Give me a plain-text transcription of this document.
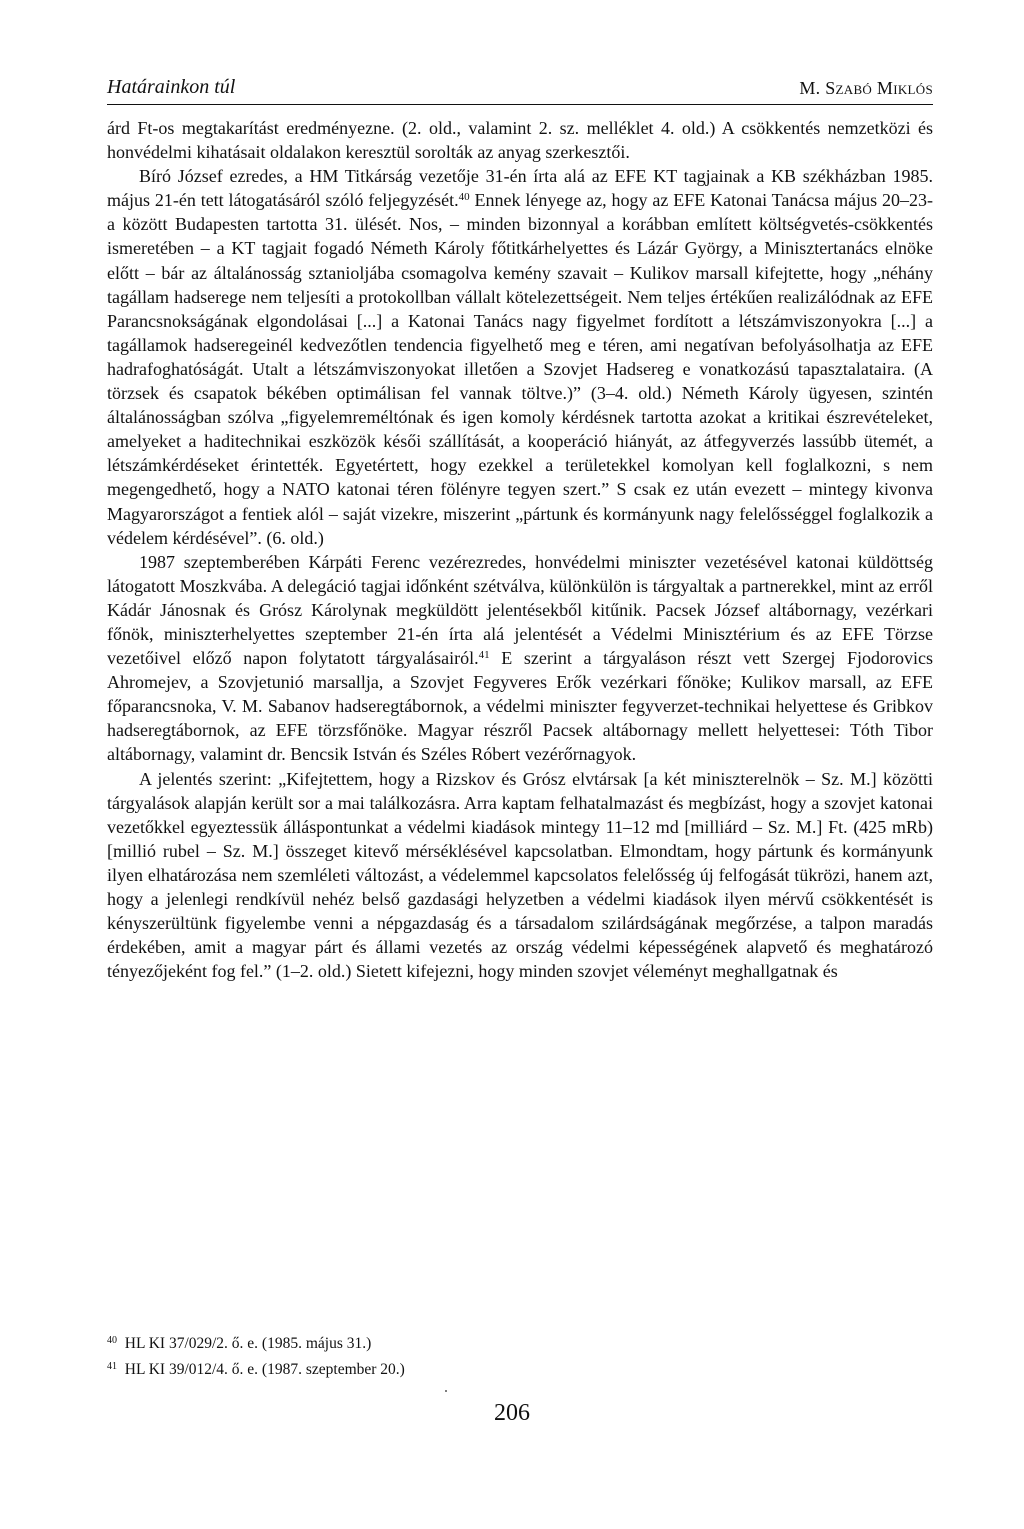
Határainkon túl	M. Szabó Miklós

árd Ft-os megtakarítást eredményezne. (2. old., valamint 2. sz. melléklet 4. old.) A csökkentés nemzetközi és honvédelmi kihatásait oldalakon keresztül sorolták az anyag szerkesztői.

Bíró József ezredes, a HM Titkárság vezetője 31-én írta alá az EFE KT tagjainak a KB székházban 1985. május 21-én tett látogatásáról szóló feljegyzését.$^{40}$ Ennek lényege az, hogy az EFE Katonai Tanácsa május 20–23-a között Budapesten tartotta 31. ülését. Nos, – minden bizonnyal a korábban említett költségvetés-csökkentés ismeretében – a KT tagjait fogadó Németh Károly főtitkárhelyettes és Lázár György, a Minisztertanács elnöke előtt – bár az általánosság sztanioljába csomagolva kemény szavait – Kulikov marsall kifejtette, hogy „néhány tagállam hadserege nem teljesíti a protokollban vállalt kötelezettségeit. Nem teljes értékűen realizálódnak az EFE Parancsnokságának elgondolásai [...] a Katonai Tanács nagy figyelmet fordított a létszámviszonyokra [...] a tagállamok hadseregeinél kedvezőtlen tendencia figyelhető meg e téren, ami negatívan befolyásolhatja az EFE hadrafoghatóságát. Utalt a létszámviszonyokat illetően a Szovjet Hadsereg e vonatkozású tapasztalataira. (A törzsek és csapatok békében optimálisan fel vannak töltve.)” (3–4. old.) Németh Károly ügyesen, szintén általánosságban szólva „figyelemreméltónak és igen komoly kérdésnek tartotta azokat a kritikai észrevételeket, amelyeket a haditechnikai eszközök késői szállítását, a kooperáció hiányát, az átfegyverzés lassúbb ütemét, a létszámkérdéseket érintették. Egyetértett, hogy ezekkel a területekkel komolyan kell foglalkozni, s nem megengedhető, hogy a NATO katonai téren fölényre tegyen szert.” S csak ez után evezett – mintegy kivonva Magyarországot a fentiek alól – saját vizekre, miszerint „pártunk és kormányunk nagy felelősséggel foglalkozik a védelem kérdésével”. (6. old.)

1987 szeptemberében Kárpáti Ferenc vezérezredes, honvédelmi miniszter vezetésével katonai küldöttség látogatott Moszkvába. A delegáció tagjai időnként szétválva, különkülön is tárgyaltak a partnerekkel, mint az erről Kádár Jánosnak és Grósz Károlynak megküldött jelentésekből kitűnik. Pacsek József altábornagy, vezérkari főnök, miniszterhelyettes szeptember 21-én írta alá jelentését a Védelmi Minisztérium és az EFE Törzse vezetőivel előző napon folytatott tárgyalásairól.$^{41}$ E szerint a tárgyaláson részt vett Szergej Fjodorovics Ahromejev, a Szovjetunió marsallja, a Szovjet Fegyveres Erők vezérkari főnöke; Kulikov marsall, az EFE főparancsnoka, V. M. Sabanov hadseregtábornok, a védelmi miniszter fegyverzet-technikai helyettese és Gribkov hadseregtábornok, az EFE törzsfőnöke. Magyar részről Pacsek altábornagy mellett helyettesei: Tóth Tibor altábornagy, valamint dr. Bencsik István és Széles Róbert vezérőrnagyok.

A jelentés szerint: „Kifejtettem, hogy a Rizskov és Grósz elvtársak [a két miniszterelnök – Sz. M.] közötti tárgyalások alapján került sor a mai találkozásra. Arra kaptam felhatalmazást és megbízást, hogy a szovjet katonai vezetőkkel egyeztessük álláspontunkat a védelmi kiadások mintegy 11–12 md [milliárd – Sz. M.] Ft. (425 mRb) [millió rubel – Sz. M.] összeget kitevő mérséklésével kapcsolatban. Elmondtam, hogy pártunk és kormányunk ilyen elhatározása nem szemléleti változást, a védelemmel kapcsolatos felelősség új felfogását tükrözi, hanem azt, hogy a jelenlegi rendkívül nehéz belső gazdasági helyzetben a védelmi kiadások ilyen mérvű csökkentését is kényszerültünk figyelembe venni a népgazdaság és a társadalom szilárdságának megőrzése, a talpon maradás érdekében, amit a magyar párt és állami vezetés az ország védelmi képességének alapvető és meghatározó tényezőjeként fog fel.” (1–2. old.) Sietett kifejezni, hogy minden szovjet véleményt meghallgatnak és

$^{40}$ HL KI 37/029/2. ő. e. (1985. május 31.)
$^{41}$ HL KI 39/012/4. ő. e. (1987. szeptember 20.)
206
